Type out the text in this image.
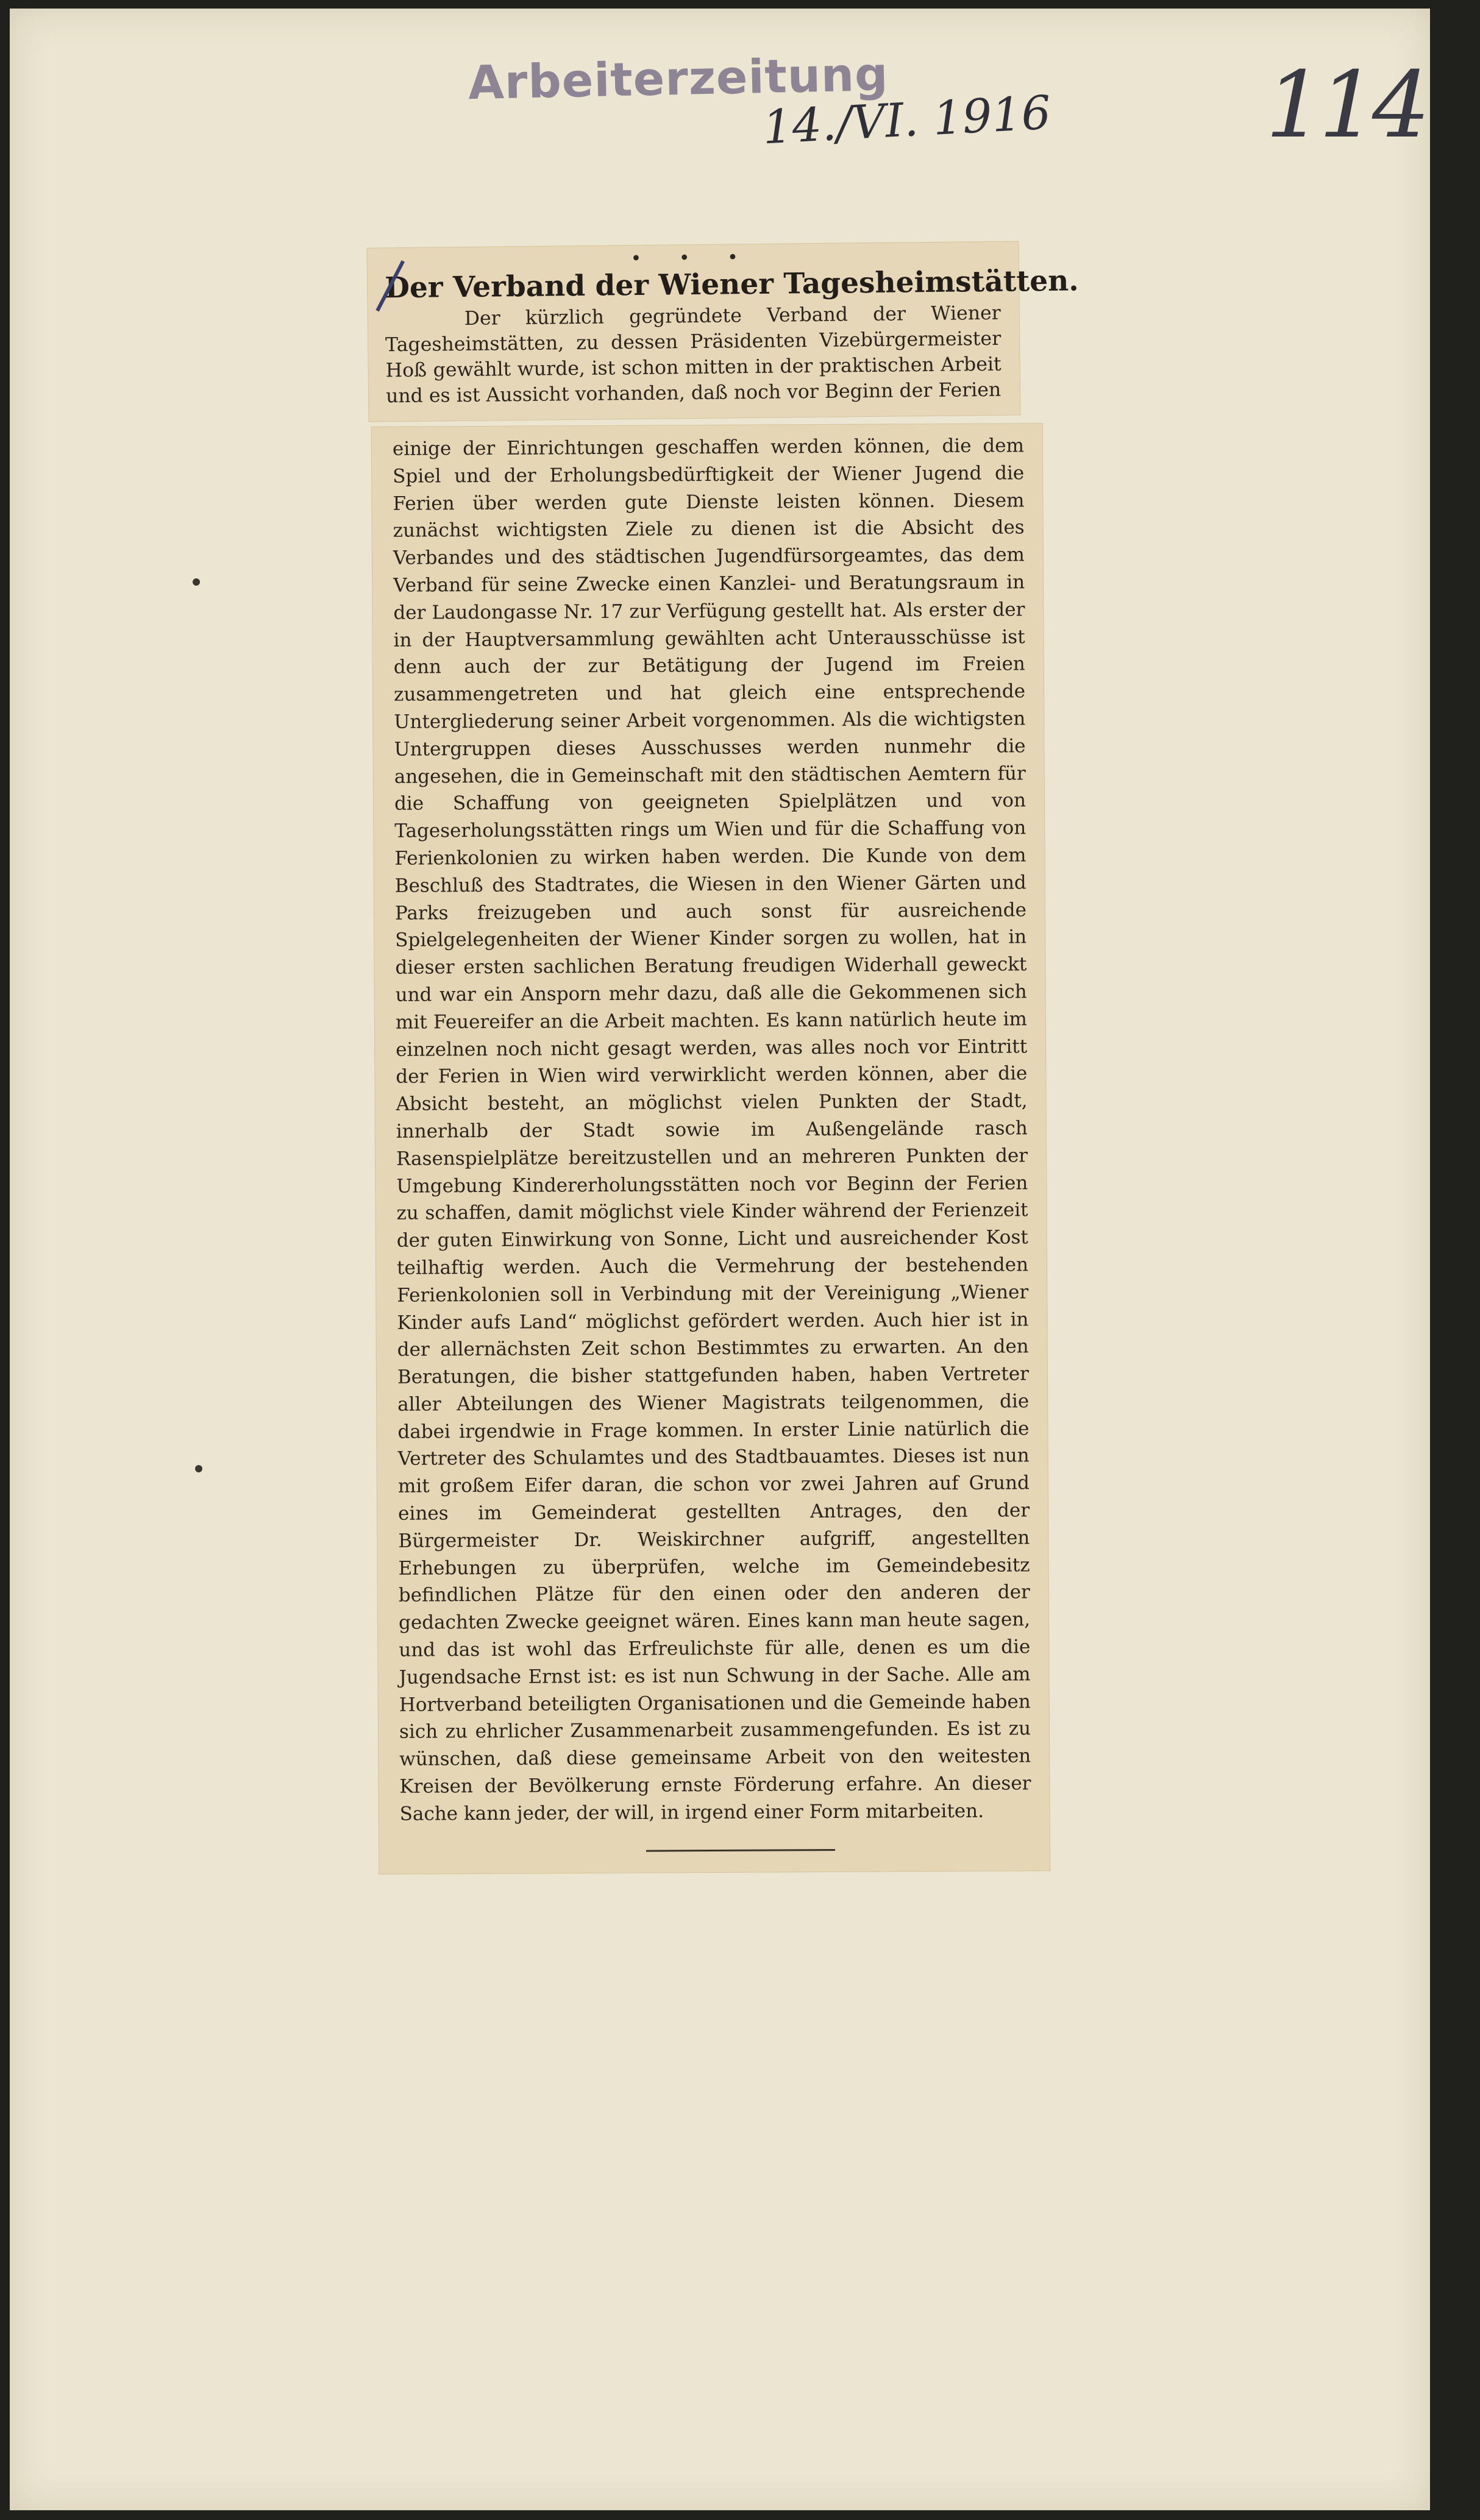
Arbeiterzeitung
14./VI. 1916 114
• • •
Der Verband der Wiener Tagesheimstätten.

Der kürzlich gegründete Verband der Wiener Tagesheimstätten, zu dessen Präsidenten Vizebürgermeister Hoß gewählt wurde, ist schon mitten in der praktischen Arbeit und es ist Aussicht vorhanden, daß noch vor Beginn der Ferien

einige der Einrichtungen geschaffen werden können, die dem Spiel und der Erholungsbedürftigkeit der Wiener Jugend die Ferien über werden gute Dienste leisten können. Diesem zunächst wichtigsten Ziele zu dienen ist die Absicht des Verbandes und des städtischen Jugendfürsorgeamtes, das dem Verband für seine Zwecke einen Kanzlei- und Beratungsraum in der Laudongasse Nr. 17 zur Verfügung gestellt hat. Als erster der in der Hauptversammlung gewählten acht Unterausschüsse ist denn auch der zur Betätigung der Jugend im Freien zusammengetreten und hat gleich eine entsprechende Untergliederung seiner Arbeit vorgenommen. Als die wichtigsten Untergruppen dieses Ausschusses werden nunmehr die angesehen, die in Gemeinschaft mit den städtischen Aemtern für die Schaffung von geeigneten Spielplätzen und von Tageserholungsstätten rings um Wien und für die Schaffung von Ferienkolonien zu wirken haben werden. Die Kunde von dem Beschluß des Stadtrates, die Wiesen in den Wiener Gärten und Parks freizugeben und auch sonst für ausreichende Spielgelegenheiten der Wiener Kinder sorgen zu wollen, hat in dieser ersten sachlichen Beratung freudigen Widerhall geweckt und war ein Ansporn mehr dazu, daß alle die Gekommenen sich mit Feuereifer an die Arbeit machten. Es kann natürlich heute im einzelnen noch nicht gesagt werden, was alles noch vor Eintritt der Ferien in Wien wird verwirklicht werden können, aber die Absicht besteht, an möglichst vielen Punkten der Stadt, innerhalb der Stadt sowie im Außengelände rasch Rasenspielplätze bereitzustellen und an mehreren Punkten der Umgebung Kindererholungsstätten noch vor Beginn der Ferien zu schaffen, damit möglichst viele Kinder während der Ferienzeit der guten Einwirkung von Sonne, Licht und ausreichender Kost teilhaftig werden. Auch die Vermehrung der bestehenden Ferienkolonien soll in Verbindung mit der Vereinigung „Wiener Kinder aufs Land“ möglichst gefördert werden. Auch hier ist in der allernächsten Zeit schon Bestimmtes zu erwarten. An den Beratungen, die bisher stattgefunden haben, haben Vertreter aller Abteilungen des Wiener Magistrats teilgenommen, die dabei irgendwie in Frage kommen. In erster Linie natürlich die Vertreter des Schulamtes und des Stadtbauamtes. Dieses ist nun mit großem Eifer daran, die schon vor zwei Jahren auf Grund eines im Gemeinderat gestellten Antrages, den der Bürgermeister Dr. Weiskirchner aufgriff, angestellten Erhebungen zu überprüfen, welche im Gemeindebesitz befindlichen Plätze für den einen oder den anderen der gedachten Zwecke geeignet wären. Eines kann man heute sagen, und das ist wohl das Erfreulichste für alle, denen es um die Jugendsache Ernst ist: es ist nun Schwung in der Sache. Alle am Hortverband beteiligten Organisationen und die Gemeinde haben sich zu ehrlicher Zusammenarbeit zusammengefunden. Es ist zu wünschen, daß diese gemeinsame Arbeit von den weitesten Kreisen der Bevölkerung ernste Förderung erfahre. An dieser Sache kann jeder, der will, in irgend einer Form mitarbeiten.
